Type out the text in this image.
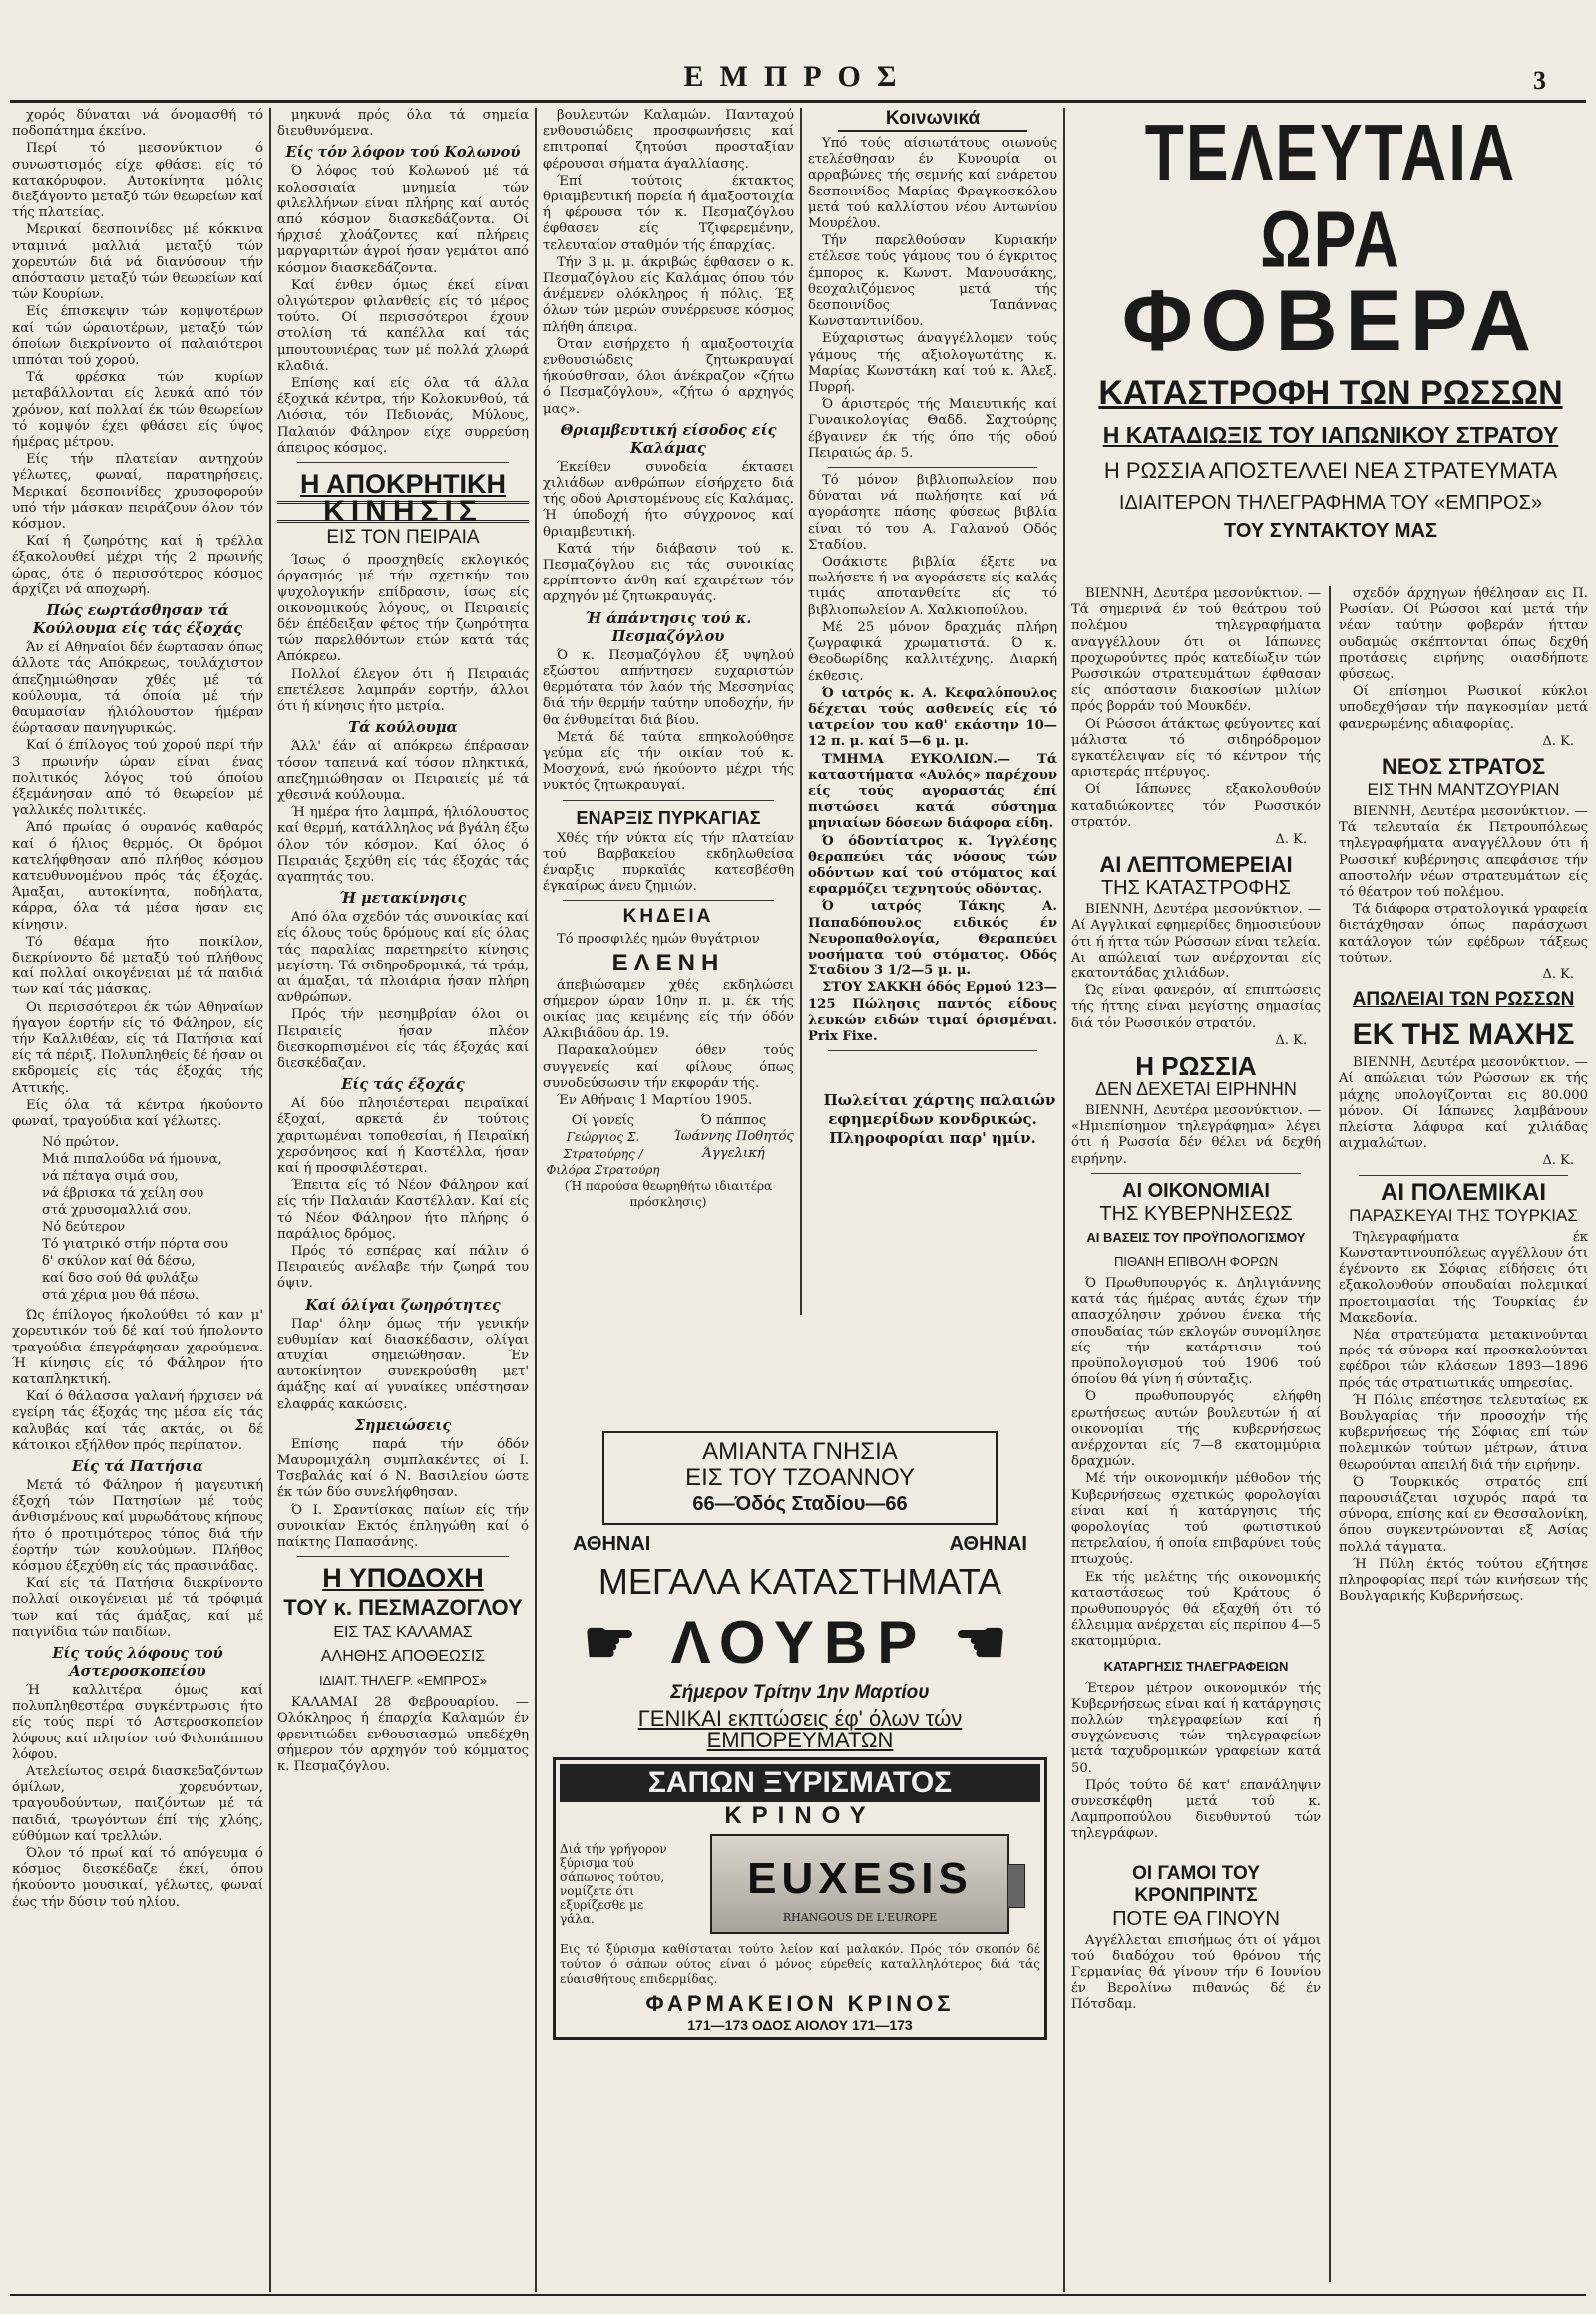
ΕΜΠΡΟΣ	3
χορός δύναται νά όνομασθή τό ποδοπάτημα έκείνο.
Περί τό μεσονύκτιον ό συνωστισμός είχε φθάσει είς τό κατακόρυφον. Αυτοκίνητα μόλις διεξάγοντο μεταξύ τών θεωρείων καί τής πλατείας.
Μερικαί δεσποινίδες μέ κόκκινα νταμινά μαλλιά μεταξύ τών χορευτών διά νά διανύσουν τήν απόστασιν μεταξύ τών θεωρείων καί τών Κουρίων.
Είς έπισκεψιν τών κομψοτέρων καί τών ώραιοτέρων, μεταξύ τών όποίων διεκρίνοντο οί παλαιότεροι ιππόται τού χορού.
Τά φρέσκα τών κυρίων μεταβάλλονται είς λευκά από τόν χρόνον, καί πολλαί έκ τών θεωρείων τό κομψόν έχει φθάσει είς ύψος ήμέρας μέτρου.
Είς τήν πλατείαν αντηχούν γέλωτες, φωναί, παρατηρήσεις. Μερικαί δεσποινίδες χρυσοφορούν υπό τήν μάσκαν πειράζουν όλον τόν κόσμον.
Καί ή ζωηρότης καί ή τρέλλα έξακολουθεί μέχρι τής 2 πρωινής ώρας, ότε ό περισσότερος κόσμος άρχίζει νά αποχωρή.
Πώς εωρτάσθησαν τά Κούλουμα είς τάς έξοχάς
Άν εί Αθηναίοι δέν έωρτασαν όπως άλλοτε τάς Απόκρεως, τουλάχιστον άπεζημιώθησαν χθές μέ τά κούλουμα, τά όποία μέ τήν θαυμασίαν ήλιόλουστον ήμέραν έώρτασαν πανηγυρικώς.
Καί ό έπίλογος τού χορού περί τήν 3 πρωινήν ώραν είναι ένας πολιτικός λόγος τού όποίου έξεμάνησαν από τό θεωρείον μέ γαλλικές πολιτικές.
Άπό πρωίας ό ουρανός καθαρός καί ό ήλιος θερμός. Οι δρόμοι κατελήφθησαν από πλήθος κόσμου κατευθυνομένου πρός τάς έξοχάς. Άμαξαι, αυτοκίνητα, ποδήλατα, κάρρα, όλα τά μέσα ήσαν εις κίνησιν.
Τό θέαμα ήτο ποικίλον, διεκρίνοντο δέ μεταξύ τού πλήθους καί πολλαί οικογένειαι μέ τά παιδιά των καί τάς μάσκας.
Οι περισσότεροι έκ τών Αθηναίων ήγαγον έορτήν είς τό Φάληρον, είς τήν Καλλιθέαν, είς τά Πατήσια καί είς τά πέριξ. Πολυπληθείς δέ ήσαν οι εκδρομείς είς τάς έξοχάς τής Αττικής.
Είς όλα τά κέντρα ήκούοντο φωναί, τραγούδια καί γέλωτες.
Νό πρώτον.
Μιά πιπαλούδα νά ήμουνα,
νά πέταγα σιμά σου,
νά έβρισκα τά χείλη σου
στά χρυσομαλλιά σου.
Νό δεύτερον
Τό γιατρικό στήν πόρτα σου
δ' σκύλον καί θά δέσω,
καί δσο σού θά φυλάξω
στά χέρια μου θά πέσω.
Ώς έπίλογος ήκολούθει τό καν μ' χορευτικόν τού δέ καί τού ήπολοντο τραγούδια έπεγράφησαν χαρούμενα. Ή κίνησις είς τό Φάληρον ήτο καταπληκτική.
Καί ό θάλασσα γαλανή ήρχισεν νά εγείρη τάς έξοχάς της μέσα είς τάς καλυβάς καί τάς ακτάς, οι δέ κάτοικοι εξήλθον πρός περίπατον.
Είς τά Πατήσια
Μετά τό Φάληρον ή μαγευτική έξοχή τών Πατησίων μέ τούς άνθισμένους καί μυρωδάτους κήπους ήτο ό προτιμότερος τόπος διά τήν έορτήν τών κουλούμων. Πλήθος κόσμου έξεχύθη είς τάς πρασινάδας.
Καί είς τά Πατήσια διεκρίνοντο πολλαί οικογένειαι μέ τά τρόφιμά των καί τάς άμάξας, καί μέ παιγνίδια τών παιδίων.
Είς τούς λόφους τού Αστεροσκοπείου
Ή καλλιτέρα όμως καί πολυπληθεστέρα συγκέντρωσις ήτο είς τούς περί τό Αστεροσκοπείον λόφους καί πλησίον τού Φιλοπάππου λόφου.
Ατελείωτος σειρά διασκεδαζόντων όμίλων, χορευόντων, τραγουδούντων, παιζόντων μέ τά παιδιά, τρωγόντων έπί τής χλόης, εύθύμων καί τρελλών.
Όλον τό πρωί καί τό απόγευμα ό κόσμος διεσκέδαζε έκεί, όπου ήκούοντο μουσικαί, γέλωτες, φωναί έως τήν δύσιν τού ηλίου.
μηκυνά πρός όλα τά σημεία διευθυνόμενα.
Είς τόν λόφον τού Κολωνού
Ό λόφος τού Κολωνού μέ τά κολοσσιαία μνημεία τών φιλελλήνων είναι πλήρης καί αυτός από κόσμον διασκεδάζοντα. Οί ήρχισέ χλοάζοντες καί πλήρεις μαργαριτών άγροί ήσαν γεμάτοι από κόσμον διασκεδάζοντα.
Καί ένθεν όμως έκεί είναι ολιγώτερον φιλανθείς είς τό μέρος τούτο. Οί περισσότεροι έχουν στολίση τά καπέλλα καί τάς μπουτουνιέρας των μέ πολλά χλωρά κλαδιά.
Επίσης καί είς όλα τά άλλα έξοχικά κέντρα, τήν Κολοκυνθού, τά Λιόσια, τόν Πεδιονάς, Μύλους, Παλαιόν Φάληρον είχε συρρεύση άπειρος κόσμος.
Η ΑΠΟΚΡΗΤΙΚΗ
ΚΙΝΗΣΙΣ
ΕΙΣ ΤΟΝ ΠΕΙΡΑΙΑ
Ίσως ό προσχηθείς εκλογικός όργασμός μέ τήν σχετικήν του ψυχολογικήν επίδρασιν, ίσως είς οικονομικούς λόγους, οι Πειραιείς δέν έπέδειξαν φέτος τήν ζωηρότητα τών παρελθόντων ετών κατά τάς Απόκρεω.
Πολλοί έλεγον ότι ή Πειραιάς επετέλεσε λαμπράν εορτήν, άλλοι ότι ή κίνησις ήτο μετρία.
Τά κούλουμα
Άλλ' έάν αί απόκρεω έπέρασαν τόσον ταπεινά καί τόσον πληκτικά, απεζημιώθησαν οι Πειραιείς μέ τά χθεσινά κούλουμα.
Ή ημέρα ήτο λαμπρά, ήλιόλουστος καί θερμή, κατάλληλος νά βγάλη έξω όλον τόν κόσμον. Καί όλος ό Πειραιάς ξεχύθη είς τάς έξοχάς τάς αγαπητάς του.
Ή μετακίνησις
Από όλα σχεδόν τάς συνοικίας καί είς όλους τούς δρόμους καί είς όλας τάς παραλίας παρετηρείτο κίνησις μεγίστη. Τά σιδηροδρομικά, τά τράμ, αι άμαξαι, τά πλοιάρια ήσαν πλήρη ανθρώπων.
Πρός τήν μεσημβρίαν όλοι οι Πειραιείς ήσαν πλέον διεσκορπισμένοι είς τάς έξοχάς καί διεσκέδαζαν.
Είς τάς έξοχάς
Αί δύο πλησιέστεραι πειραϊκαί έξοχαί, αρκετά έν τούτοις χαριτωμέναι τοποθεσίαι, ή Πειραϊκή χερσόνησος καί ή Καστέλλα, ήσαν καί ή προσφιλέστεραι.
Έπειτα είς τό Νέον Φάληρον καί είς τήν Παλαιάν Καστέλλαν. Καί είς τό Νέον Φάληρον ήτο πλήρης ό παράλιος δρόμος.
Πρός τό εσπέρας καί πάλιν ό Πειραιεύς ανέλαβε τήν ζωηρά του όψιν.
Καί όλίγαι ζωηρότητες
Παρ' όλην όμως τήν γενικήν ευθυμίαν καί διασκέδασιν, ολίγαι ατυχίαι σημειώθησαν. Έν αυτοκίνητον συνεκρούσθη μετ' άμάξης καί αί γυναίκες υπέστησαν ελαφράς κακώσεις.
Σημειώσεις
Επίσης παρά τήν όδόν Μαυρομιχάλη συμπλακέντες οί Ι. Τσεβαλάς καί ό Ν. Βασιλείου ώστε έκ τών δύο συνελήφθησαν.
Ό Ι. Σραντίσκας παίων είς τήν συνοικίαν Εκτός έπληγώθη καί ό παίκτης Παπασάνης.
Η ΥΠΟΔΟΧΗ
ΤΟΥ κ. ΠΕΣΜΑΖΟΓΛΟΥ
ΕΙΣ ΤΑΣ ΚΑΛΑΜΑΣ
ΑΛΗΘΗΣ ΑΠΟΘΕΩΣΙΣ
ΙΔΙΑΙΤ. ΤΗΛΕΓΡ. «ΕΜΠΡΟΣ»
ΚΑΛΑΜΑΙ 28 Φεβρουαρίου. — Ολόκληρος ή έπαρχία Καλαμών έν φρενιτιώδει ενθουσιασμώ υπεδέχθη σήμερον τόν αρχηγόν τού κόμματος κ. Πεσμαζόγλου.
βουλευτών Καλαμών. Πανταχού ενθουσιώδεις προσφωνήσεις καί επιτροπαί ζητούσι προσταξίαν φέρουσαι σήματα άγαλλίασης.
Έπί τούτοις έκτακτος θριαμβευτική πορεία ή άμαξοστοιχία ή φέρουσα τόν κ. Πεσμαζόγλου έφθασεν είς Τζιφερεμένην, τελευταίον σταθμόν τής έπαρχίας.
Τήν 3 μ. μ. άκριβώς έφθασεν ο κ. Πεσμαζόγλου είς Καλάμας όπου τόν άνέμενεν ολόκληρος ή πόλις. Έξ όλων τών μερών συνέρρευσε κόσμος πλήθη άπειρα.
Όταν εισήρχετο ή αμαξοστοιχία ενθουσιώδεις ζητωκραυγαί ήκούσθησαν, όλοι άνέκραζον «ζήτω ό Πεσμαζόγλου», «ζήτω ό αρχηγός μας».
Θριαμβευτική είσοδος είς Καλάμας
Έκείθεν συνοδεία έκτασει χιλιάδων ανθρώπων είσήρχετο διά τής οδού Αριστομένους είς Καλάμας. Ή ύποδοχή ήτο σύγχρονος καί θριαμβευτική.
Κατά τήν διάβασιν τού κ. Πεσμαζόγλου εις τάς συνοικίας ερρίπτοντο άνθη καί εχαιρέτων τόν αρχηγόν μέ ζητωκραυγάς.
Ή άπάντησις τού κ. Πεσμαζόγλου
Ό κ. Πεσμαζόγλου έξ υψηλού εξώστου απήντησεν ευχαριστών θερμότατα τόν λαόν τής Μεσσηνίας διά τήν θερμήν ταύτην υποδοχήν, ήν θα ένθυμείται διά βίου.
Μετά δέ ταύτα επηκολούθησε γεύμα είς τήν οικίαν τού κ. Μοσχονά, ενώ ήκούοντο μέχρι τής νυκτός ζητωκραυγαί.
ΕΝΑΡΞΙΣ ΠΥΡΚΑΓΙΑΣ
Χθές τήν νύκτα είς τήν πλατείαν τού Βαρβακείου εκδηλωθείσα έναρξις πυρκαϊάς κατεσβέσθη έγκαίρως άνευ ζημιών.
ΚΗΔΕΙΑ
Τό προσφιλές ημών θυγάτριον
ΕΛΕΝΗ
άπεβιώσαμεν χθές εκδηλώσει σήμερον ώραν 10ην π. μ. έκ τής οικίας μας κειμένης είς τήν όδόν Αλκιβιάδου άρ. 19.
Παρακαλούμεν όθεν τούς συγγενείς καί φίλους όπως συνοδεύσωσιν τήν εκφοράν τής.
Έν Αθήναις 1 Μαρτίου 1905.
Οί γονείς
Γεώργιος Σ. Στρατούρης / Φιλόρα Στρατούρη
Ό πάππος
Ίωάννης Ποθητός
Άγγελική
(Ή παρούσα θεωρηθήτω ιδιαιτέρα πρόσκλησις)
Κοινωνικά
Υπό τούς αίσιωτάτους οιωνούς ετελέσθησαν έν Κυνουρία οι αρραβώνες τής σεμνής καί ενάρετου δεσποινίδος Μαρίας Φραγκοσκόλου μετά τού καλλίστου νέου Αντωνίου Μουρέλου.
Τήν παρελθούσαν Κυριακήν ετέλεσε τούς γάμους του ό έγκριτος έμπορος κ. Κωνστ. Μανουσάκης, θεοχαλιζόμενος μετά τής δεσποινίδος Ταπάννας Κωνσταντινίδου.
Εύχαριστως άναγγέλλομεν τούς γάμους τής αξιολογωτάτης κ. Μαρίας Κωνστάκη καί τού κ. Άλεξ. Πυρρή.
Ό άριστερός τής Μαιευτικής καί Γυναικολογίας Θαδδ. Σαχτούρης έβγαινεν έκ τής όπο τής οδού Πειραιώς άρ. 5.
Τό μόνον βιβλιοπωλείον που δύναται νά πωλήσητε καί νά αγοράσητε πάσης φύσεως βιβλία είναι τό του Α. Γαλανού Οδός Σταδίου.
Οσάκιστε βιβλία έξετε να πωλήσετε ή να αγοράσετε είς καλάς τιμάς αποτανθείτε είς τό βιβλιοπωλείον Α. Χαλκιοπούλου.
Μέ 25 μόνον δραχμάς πλήρη ζωγραφικά χρωματιστά. Ό κ. Θεοδωρίδης καλλιτέχνης. Διαρκή έκθεσις.
Ό ιατρός κ. Α. Κεφαλόπουλος δέχεται τούς ασθενείς είς τό ιατρείον του καθ' εκάστην 10—12 π. μ. καί 5—6 μ. μ.
ΤΜΗΜΑ ΕΥΚΟΛΙΩΝ.— Τά καταστήματα «Αυλός» παρέχουν είς τούς αγοραστάς έπί πιστώσει κατά σύστημα μηνιαίων δόσεων διάφορα είδη.
Ό όδοντίατρος κ. Ίγγλέσης θεραπεύει τάς νόσους τών οδόντων καί τού στόματος καί εφαρμόζει τεχνητούς οδόντας.
Ό ιατρός Τάκης Α. Παπαδόπουλος ειδικός έν Νευροπαθολογία, Θεραπεύει νοσήματα τού στόματος. Οδός Σταδίου 3 1/2—5 μ. μ.
ΣΤΟΥ ΣΑΚΚΗ όδός Ερμού 123—125 Πώλησις παντός είδους λευκών ειδών τιμαί όρισμέναι. Prix Fixe.
Πωλείται χάρτης παλαιών εφημερίδων κονδρικώς. Πληροφορίαι παρ' ημίν.
ΑΜΙΑΝΤΑ ΓΝΗΣΙΑ
ΕΙΣ ΤΟΥ ΤΖΟΑΝΝΟΥ
66—Όδός Σταδίου—66
ΑΘΗΝΑΙ	ΑΘΗΝΑΙ
ΜΕΓΑΛΑ ΚΑΤΑΣΤΗΜΑΤΑ
☛ ΛΟΥΒΡ ☚
Σήμερον Τρίτην 1ην Μαρτίου
ΓΕΝΙΚΑΙ εκπτώσεις έφ' όλων τών ΕΜΠΟΡΕΥΜΑΤΩΝ
ΣΑΠΩΝ ΞΥΡΙΣΜΑΤΟΣ
ΚΡΙΝΟΥ
Διά τήν γρήγορον ξύρισμα τού σάπωνος τούτου, νομίζετε ότι εξυρίζεσθε με γάλα.
EUXESIS
RHANGOUS DE L'EUROPE
Εις τό ξύρισμα καθίσταται τούτο λείον καί μαλακόν. Πρός τόν σκοπόν δέ τούτον ό σάπων ούτος είναι ό μόνος εύρεθείς καταλληλότερος διά τάς εύαισθήτους επιδερμίδας.
ΦΑΡΜΑΚΕΙΟΝ ΚΡΙΝΟΣ
171—173 ΟΔΟΣ ΑΙΟΛΟΥ 171—173
ΤΕΛΕΥΤΑΙΑ ΩΡΑ
ΦΟΒΕΡΑ
ΚΑΤΑΣΤΡΟΦΗ ΤΩΝ ΡΩΣΣΩΝ
Η ΚΑΤΑΔΙΩΞΙΣ ΤΟΥ ΙΑΠΩΝΙΚΟΥ ΣΤΡΑΤΟΥ
Η ΡΩΣΣΙΑ ΑΠΟΣΤΕΛΛΕΙ ΝΕΑ ΣΤΡΑΤΕΥΜΑΤΑ
ΙΔΙΑΙΤΕΡΟΝ ΤΗΛΕΓΡΑΦΗΜΑ ΤΟΥ «ΕΜΠΡΟΣ»
ΤΟΥ ΣΥΝΤΑΚΤΟΥ ΜΑΣ
ΒΙΕΝΝΗ, Δευτέρα μεσονύκτιον. — Τά σημερινά έν τού θεάτρου τού πολέμου τηλεγραφήματα αναγγέλλουν ότι οι Ιάπωνες προχωρούντες πρός κατεδίωξιν τών Ρωσσικών στρατευμάτων έφθασαν είς απόστασιν διακοσίων μιλίων πρός βορράν τού Μουκδέν.
Οί Ρώσσοι άτάκτως φεύγοντες καί μάλιστα τό σιδηρόδρομον εγκατέλειψαν είς τό κέντρον τής αριστεράς πτέρυγος.
Οί Ιάπωνες εξακολουθούν καταδιώκοντες τόν Ρωσσικόν στρατόν.
Δ. Κ.
ΑΙ ΛΕΠΤΟΜΕΡΕΙΑΙ
ΤΗΣ ΚΑΤΑΣΤΡΟΦΗΣ
ΒΙΕΝΝΗ, Δευτέρα μεσονύκτιον. — Αί Αγγλικαί εφημερίδες δημοσιεύουν ότι ή ήττα τών Ρώσσων είναι τελεία. Αι απώλειαί των ανέρχονται είς εκατοντάδας χιλιάδων.
Ώς είναι φανερόν, αί επιπτώσεις τής ήττης είναι μεγίστης σημασίας διά τόν Ρωσσικόν στρατόν.
Δ. Κ.
Η ΡΩΣΣΙΑ
ΔΕΝ ΔΕΧΕΤΑΙ ΕΙΡΗΝΗΝ
ΒΙΕΝΝΗ, Δευτέρα μεσονύκτιον. — «Ημιεπίσημον τηλεγράφημα» λέγει ότι ή Ρωσσία δέν θέλει νά δεχθή ειρήνην.
ΑΙ ΟΙΚΟΝΟΜΙΑΙ
ΤΗΣ ΚΥΒΕΡΝΗΣΕΩΣ
ΑΙ ΒΑΣΕΙΣ ΤΟΥ ΠΡΟΫΠΟΛΟΓΙΣΜΟΥ
ΠΙΘΑΝΗ ΕΠΙΒΟΛΗ ΦΟΡΩΝ
Ό Πρωθυπουργός κ. Δηλιγιάννης κατά τάς ήμέρας αυτάς έχων τήν απασχόλησιν χρόνου ένεκα τής σπουδαίας τών εκλογών συνομίλησε είς τήν κατάρτισιν τού προϋπολογισμού τού 1906 τού όποίου θά γίνη ή σύνταξις.
Ό πρωθυπουργός ελήφθη ερωτήσεως αυτών βουλευτών ή αί οικονομίαι τής κυβερνήσεως ανέρχονται είς 7—8 εκατομμύρια δραχμών.
Μέ τήν οικονομικήν μέθοδον τής Κυβερνήσεως σχετικώς φορολογίαι είναι καί ή κατάργησις τής φορολογίας τού φωτιστικού πετρελαίου, ή οποία επιβαρύνει τούς πτωχούς.
Εκ τής μελέτης τής οικονομικής καταστάσεως τού Κράτους ό πρωθυπουργός θά εξαχθή ότι τό έλλειμμα ανέρχεται είς περίπου 4—5 εκατομμύρια.
ΚΑΤΑΡΓΗΣΙΣ ΤΗΛΕΓΡΑΦΕΙΩΝ
Έτερον μέτρον οικονομικόν τής Κυβερνήσεως είναι καί ή κατάργησις πολλών τηλεγραφείων καί ή συγχώνευσις τών τηλεγραφείων μετά ταχυδρομικών γραφείων κατά 50.
Πρός τούτο δέ κατ' επανάληψιν συνεσκέφθη μετά τού κ. Λαμπροπούλου διευθυντού τών τηλεγράφων.
ΟΙ ΓΑΜΟΙ ΤΟΥ ΚΡΟΝΠΡΙΝΤΣ
ΠΟΤΕ ΘΑ ΓΙΝΟΥΝ
Αγγέλλεται επισήμως ότι οί γάμοι τού διαδόχου τού θρόνου τής Γερμανίας θά γίνουν τήν 6 Ιουνίου έν Βερολίνω πιθανώς δέ έν Πότσδαμ.
σχεδόν άρχηγων ήθέλησαν εις Π. Ρωσίαν. Οί Ρώσσοι καί μετά τήν νέαν ταύτην φοβεράν ήτταν ουδαμώς σκέπτονται όπως δεχθή προτάσεις ειρήνης οιασδήποτε φύσεως.
Οί επίσημοι Ρωσικοί κύκλοι υποδεχθήσαν τήν παγκοσμίαν μετά φανερωμένης αδιαφορίας.
Δ. Κ.
ΝΕΟΣ ΣΤΡΑΤΟΣ
ΕΙΣ ΤΗΝ ΜΑΝΤΖΟΥΡΙΑΝ
ΒΙΕΝΝΗ, Δευτέρα μεσονύκτιον. — Τά τελευταία έκ Πετρουπόλεως τηλεγραφήματα αναγγέλλουν ότι ή Ρωσσική κυβέρνησις απεφάσισε τήν αποστολήν νέων στρατευμάτων είς τό θέατρον τού πολέμου.
Τά διάφορα στρατολογικά γραφεία διετάχθησαν όπως παράσχωσι κατάλογον τών εφέδρων τάξεως τούτων.
Δ. Κ.
ΑΠΩΛΕΙΑΙ ΤΩΝ ΡΩΣΣΩΝ
ΕΚ ΤΗΣ ΜΑΧΗΣ
ΒΙΕΝΝΗ, Δευτέρα μεσονύκτιον. — Αί απώλειαι τών Ρώσσων εκ τής μάχης υπολογίζονται εις 80.000 μόνον. Οί Ιάπωνες λαμβάνουν πλείστα λάφυρα καί χιλιάδας αιχμαλώτων.
Δ. Κ.
ΑΙ ΠΟΛΕΜΙΚΑΙ
ΠΑΡΑΣΚΕΥΑΙ ΤΗΣ ΤΟΥΡΚΙΑΣ
Τηλεγραφήματα έκ Κωνσταντινουπόλεως αγγέλλουν ότι έγένοντο εκ Σόφιας είδήσεις ότι εξακολουθούν σπουδαίαι πολεμικαί προετοιμασίαι τής Τουρκίας έν Μακεδονία.
Νέα στρατεύματα μετακινούνται πρός τά σύνορα καί προσκαλούνται εφέδροι τών κλάσεων 1893—1896 πρός τάς στρατιωτικάς υπηρεσίας.
Ή Πόλις επέστησε τελευταίως εκ Βουλγαρίας τήν προσοχήν τής κυβερνήσεως τής Σόφιας επί τών πολεμικών τούτων μέτρων, άτινα θεωρούνται απειλή διά τήν ειρήνην.
Ό Τουρκικός στρατός επί παρουσιάζεται ισχυρός παρά τα σύνορα, επίσης καί εν Θεσσαλονίκη, όπου συγκεντρώνονται εξ Ασίας πολλά τάγματα.
Ή Πύλη έκτός τούτου εζήτησε πληροφορίας περί τών κινήσεων τής Βουλγαρικής Κυβερνήσεως.
